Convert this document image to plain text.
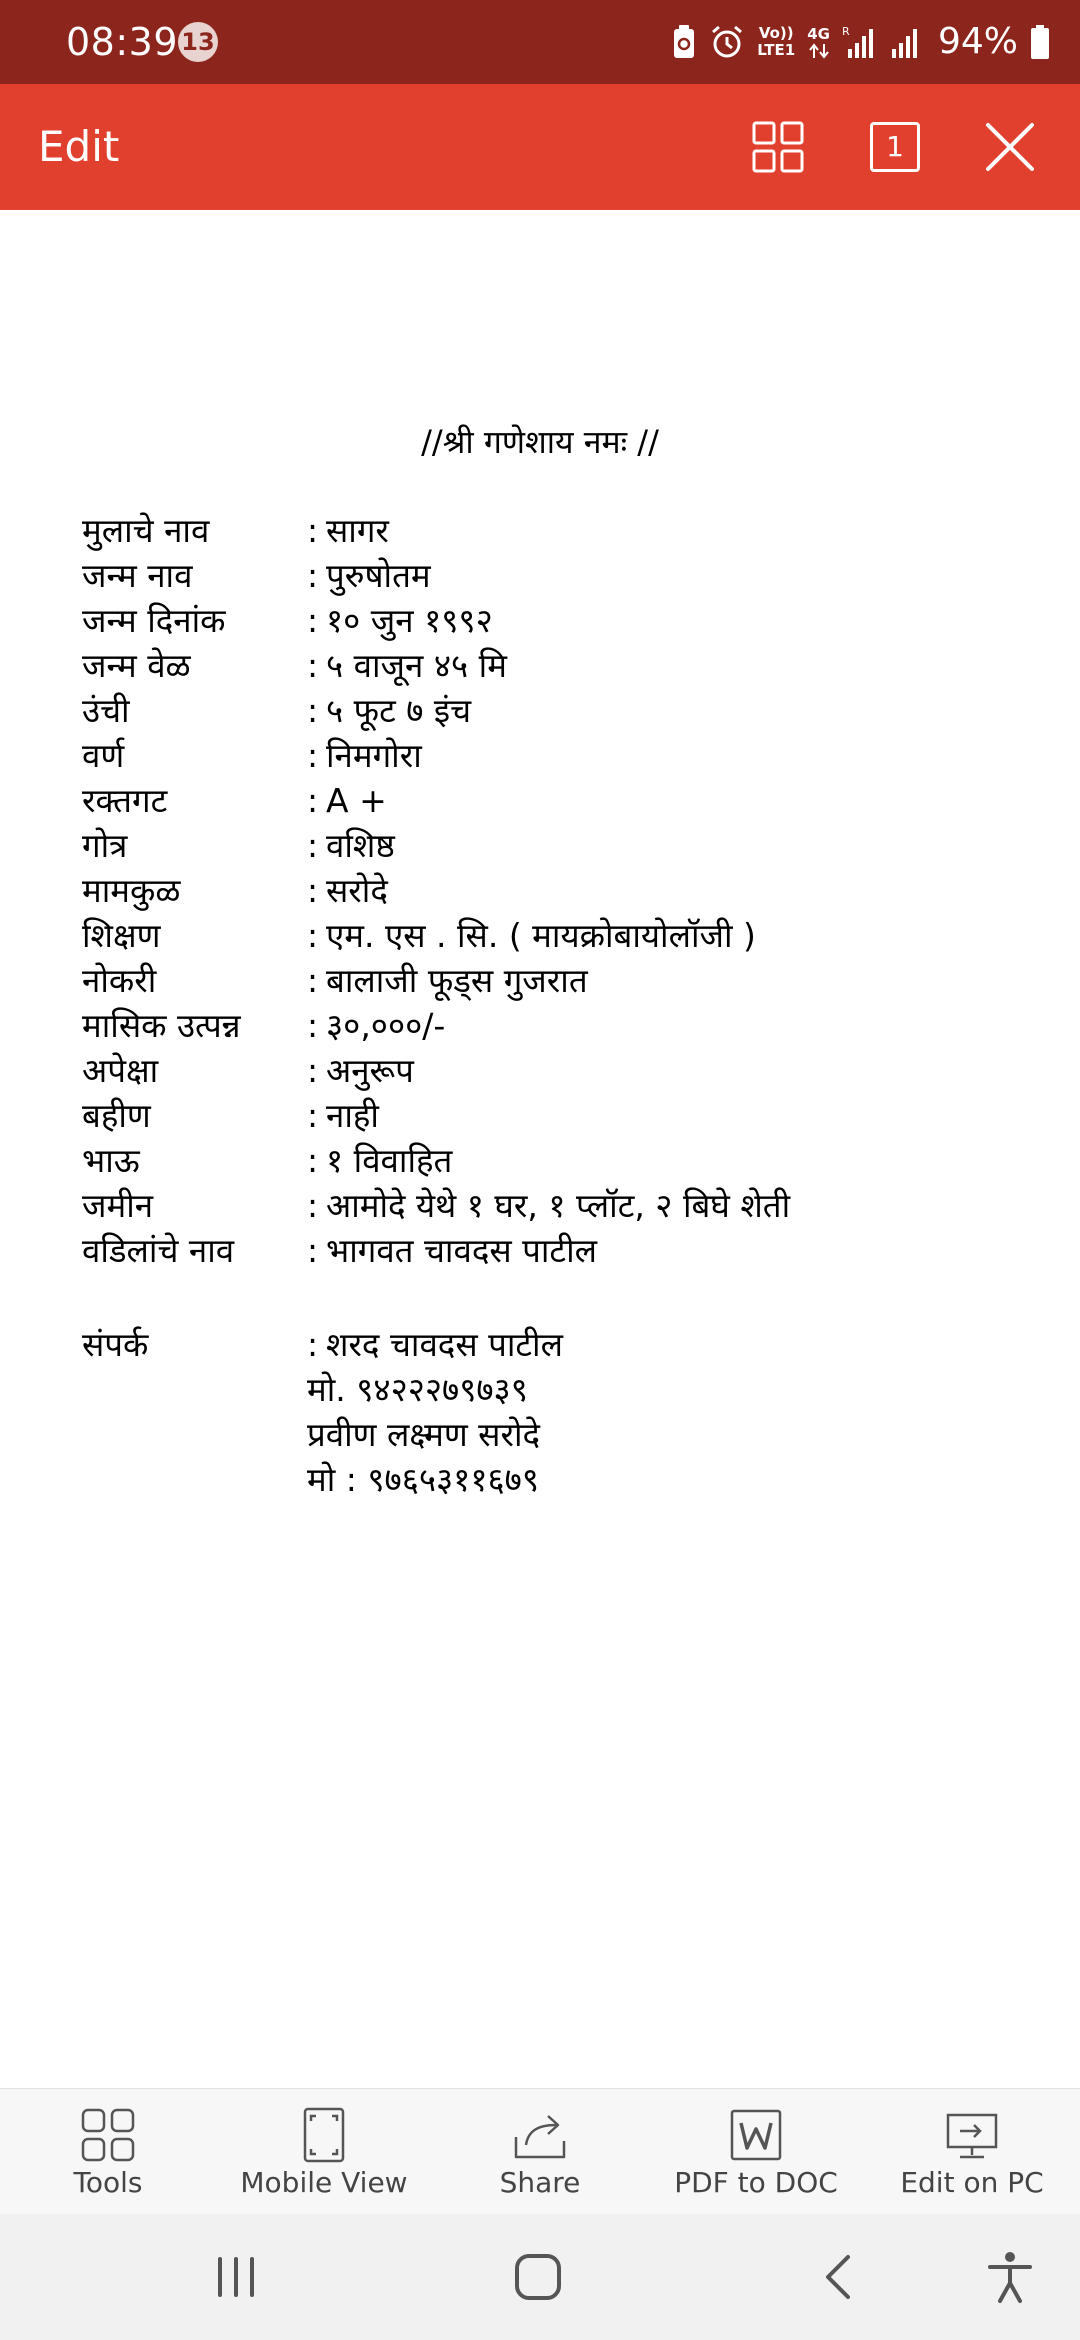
08:39 13	Vo))
LTE1
4G R 94%
Edit	1
//श्री गणेशाय नमः //
मुलाचे नाव	: सागर
जन्म नाव	: पुरुषोतम
जन्म दिनांक : १० जुन १९९२
जन्म वेळ	: ५ वाजून ४५ मि
उंची	: ५ फूट ७ इंच
वर्ण	: निमगोरा
रक्तगट	: A +
गोत्र	: वशिष्ठ
मामकुळ	: सरोदे
शिक्षण	: एम. एस . सि. ( मायक्रोबायोलॉजी )
नोकरी	: बालाजी फूड्स गुजरात
मासिक उत्पन्न : ३०,०००/-
अपेक्षा	: अनुरूप
बहीण	: नाही
भाऊ	: १ विवाहित
जमीन	: आमोदे येथे १ घर, १ प्लॉट, २ बिघे शेती
वडिलांचे नाव : भागवत चावदस पाटील
संपर्क	: शरद चावदस पाटील
मो. ९४२२२७९७३९
प्रवीण लक्ष्मण सरोदे
मो : ९७६५३११६७९
Tools	Mobile View	Share	PDF to DOC	Edit on PC
